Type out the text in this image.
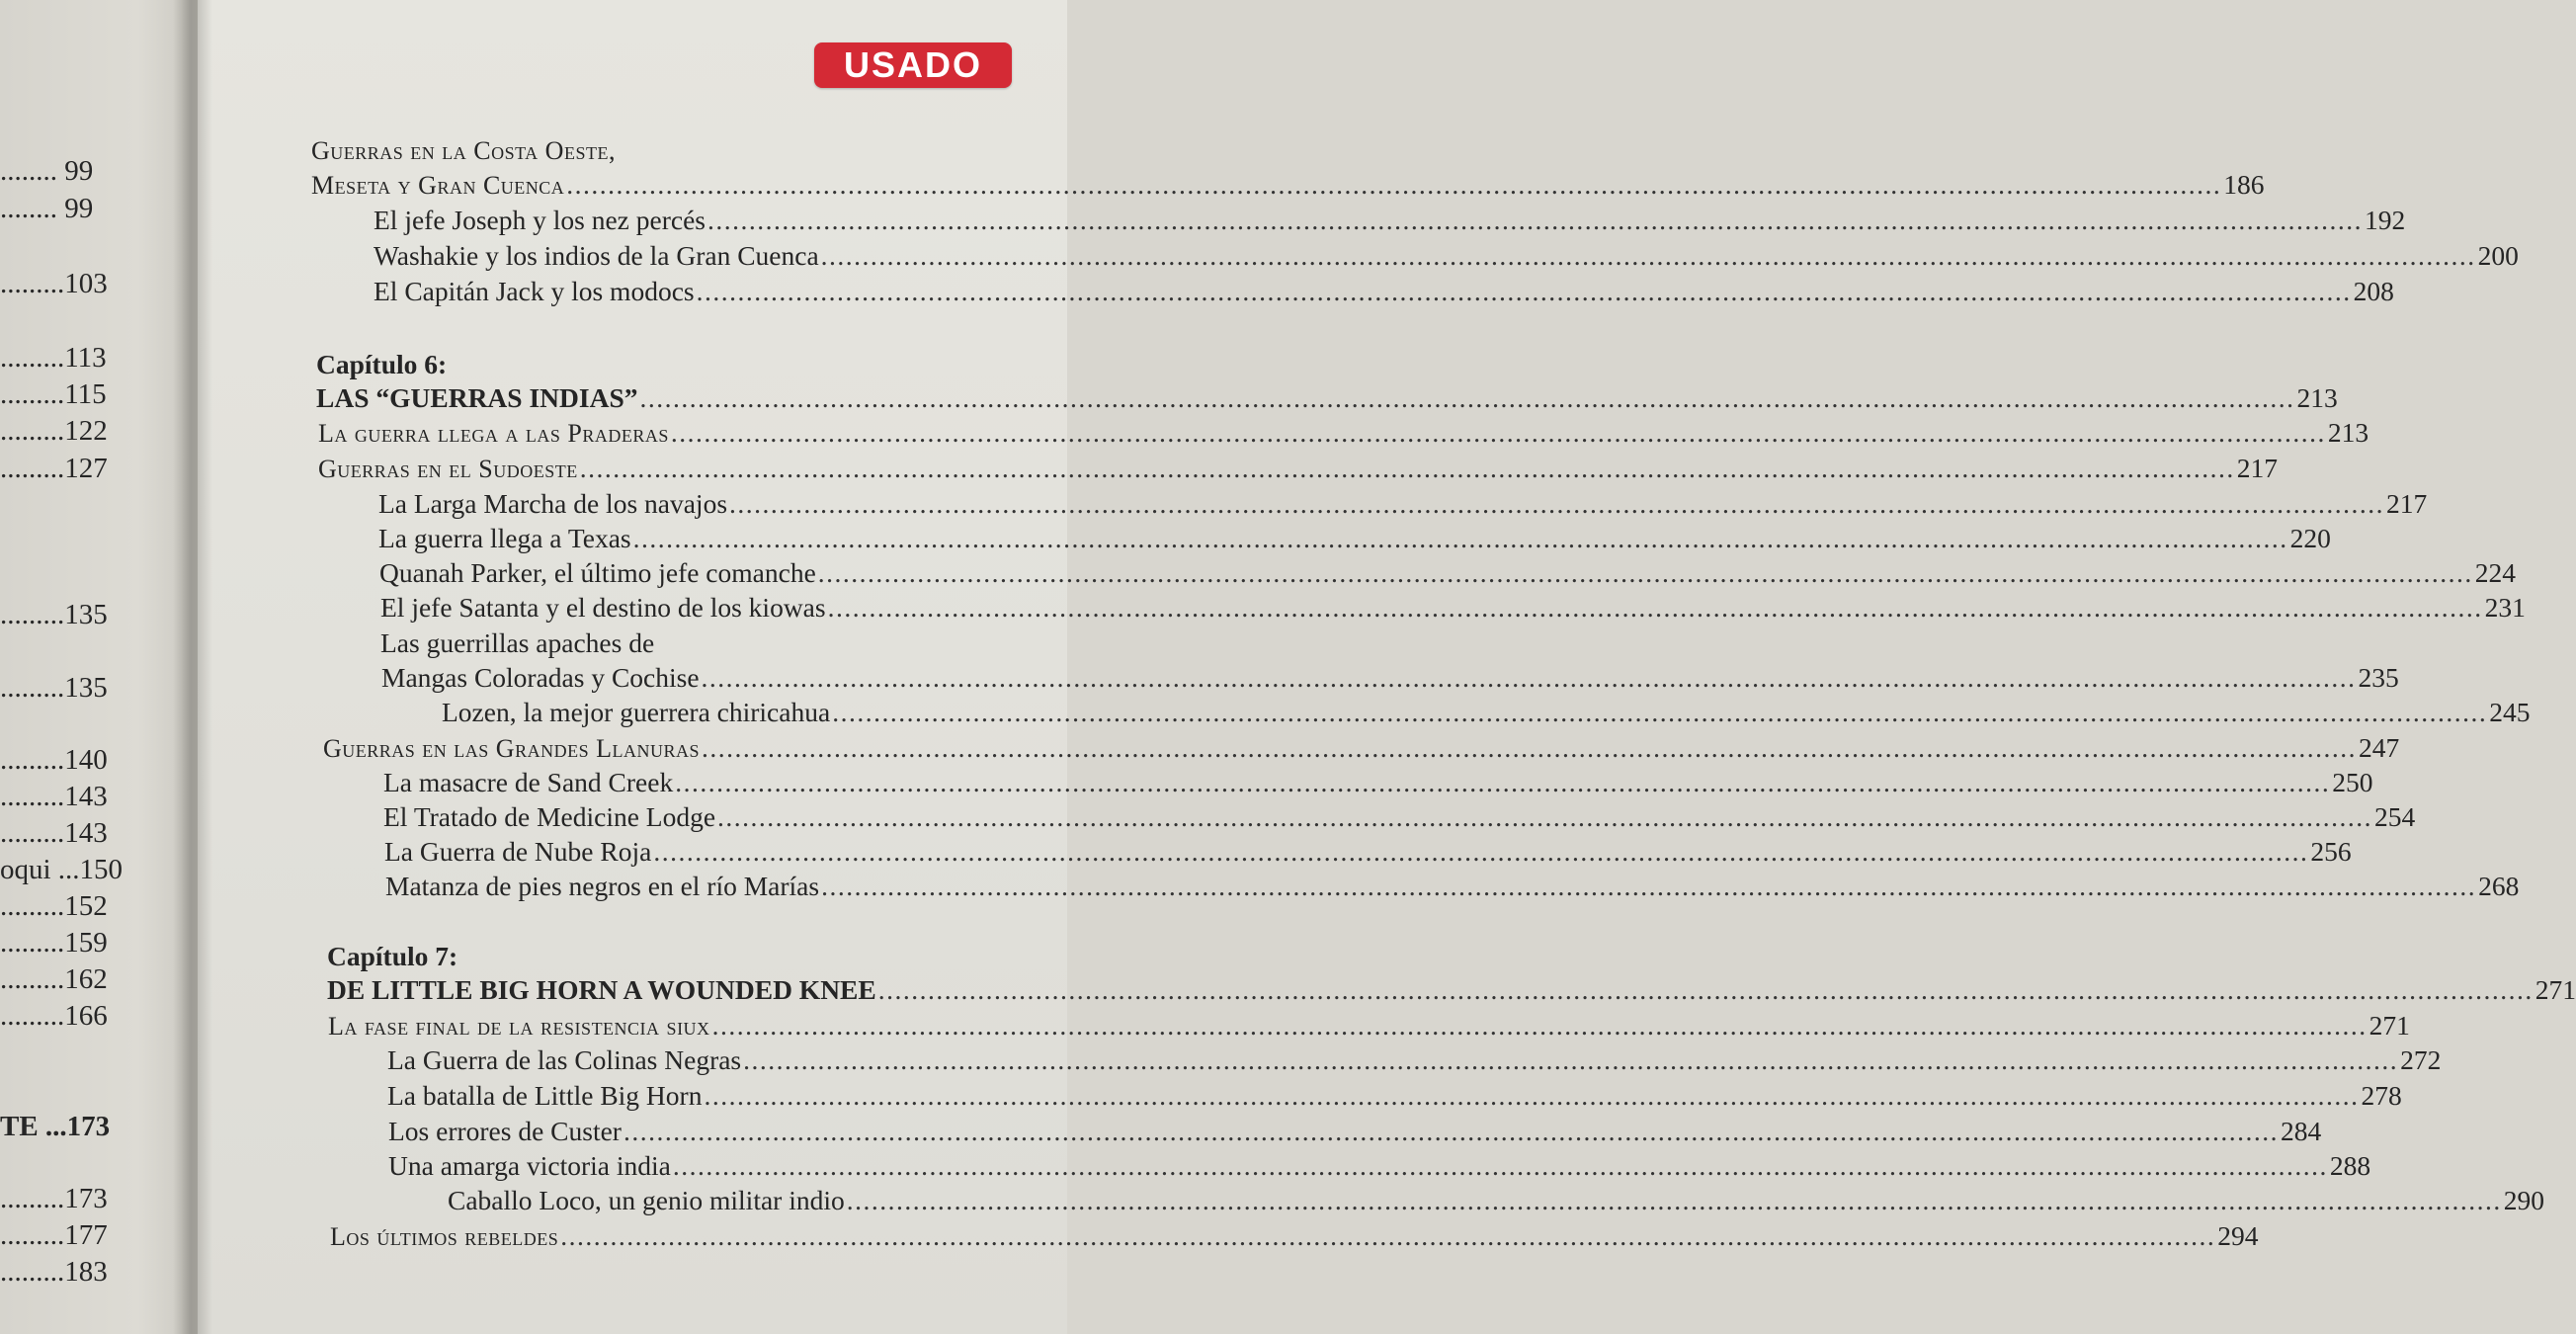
........ 99
........ 99
.........103
.........113
.........115
.........122
.........127
.........135
.........135
.........140
.........143
.........143
oqui ...150
.........152
.........159
.........162
.........166
TE ...173
.........173
.........177
.........183
USADO
Guerras en la Costa Oeste,
Meseta y Gran Cuenca ........................................................................................................................................................................................................ 186
El jefe Joseph y los nez percés ........................................................................................................................................................................................................ 192
Washakie y los indios de la Gran Cuenca ........................................................................................................................................................................................................ 200
El Capitán Jack y los modocs ........................................................................................................................................................................................................ 208
Capítulo 6:
LAS “GUERRAS INDIAS” ........................................................................................................................................................................................................ 213
La guerra llega a las Praderas ........................................................................................................................................................................................................ 213
Guerras en el Sudoeste ........................................................................................................................................................................................................ 217
La Larga Marcha de los navajos ........................................................................................................................................................................................................ 217
La guerra llega a Texas ........................................................................................................................................................................................................ 220
Quanah Parker, el último jefe comanche ........................................................................................................................................................................................................ 224
El jefe Satanta y el destino de los kiowas ........................................................................................................................................................................................................ 231
Las guerrillas apaches de
Mangas Coloradas y Cochise ........................................................................................................................................................................................................ 235
Lozen, la mejor guerrera chiricahua ........................................................................................................................................................................................................ 245
Guerras en las Grandes Llanuras ........................................................................................................................................................................................................ 247
La masacre de Sand Creek ........................................................................................................................................................................................................ 250
El Tratado de Medicine Lodge ........................................................................................................................................................................................................ 254
La Guerra de Nube Roja ........................................................................................................................................................................................................ 256
Matanza de pies negros en el río Marías ........................................................................................................................................................................................................ 268
Capítulo 7:
DE LITTLE BIG HORN A WOUNDED KNEE ........................................................................................................................................................................................................ 271
La fase final de la resistencia siux ........................................................................................................................................................................................................ 271
La Guerra de las Colinas Negras ........................................................................................................................................................................................................ 272
La batalla de Little Big Horn ........................................................................................................................................................................................................ 278
Los errores de Custer ........................................................................................................................................................................................................ 284
Una amarga victoria india ........................................................................................................................................................................................................ 288
Caballo Loco, un genio militar indio ........................................................................................................................................................................................................ 290
Los últimos rebeldes ........................................................................................................................................................................................................ 294
